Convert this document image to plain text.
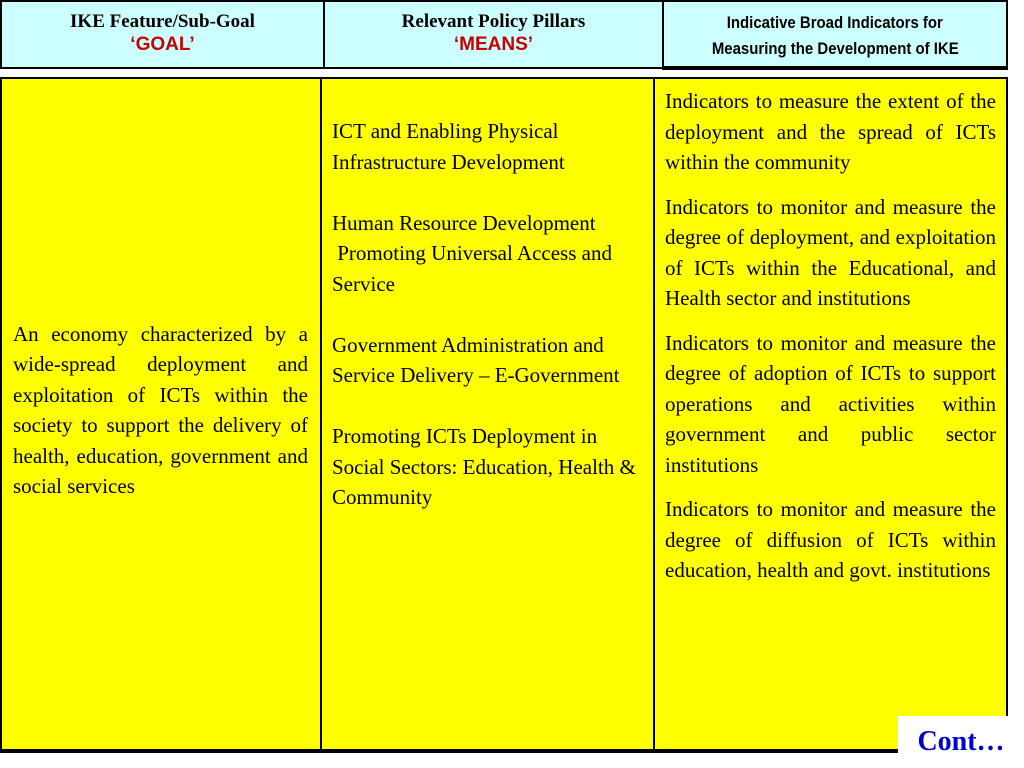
IKE Feature/Sub-Goal
‘GOAL’
Relevant Policy Pillars
‘MEANS’
Indicative Broad Indicators for
Measuring the Development of IKE
An economy characterized by a wide-spread deployment and exploitation of ICTs within the society to support the delivery of health, education, government and social services

ICT and Enabling Physical Infrastructure Development

Human Resource Development
Promoting Universal Access and Service

Government Administration and Service Delivery – E-Government

Promoting ICTs Deployment in Social Sectors: Education, Health & Community

Indicators to measure the extent of the deployment and the spread of ICTs within the community

Indicators to monitor and measure the degree of deployment, and exploitation of ICTs within the Educational, and Health sector and institutions

Indicators to monitor and measure the degree of adoption of ICTs to support operations and activities within government and public sector institutions

Indicators to monitor and measure the degree of diffusion of ICTs within education, health and govt. institutions

Cont…
